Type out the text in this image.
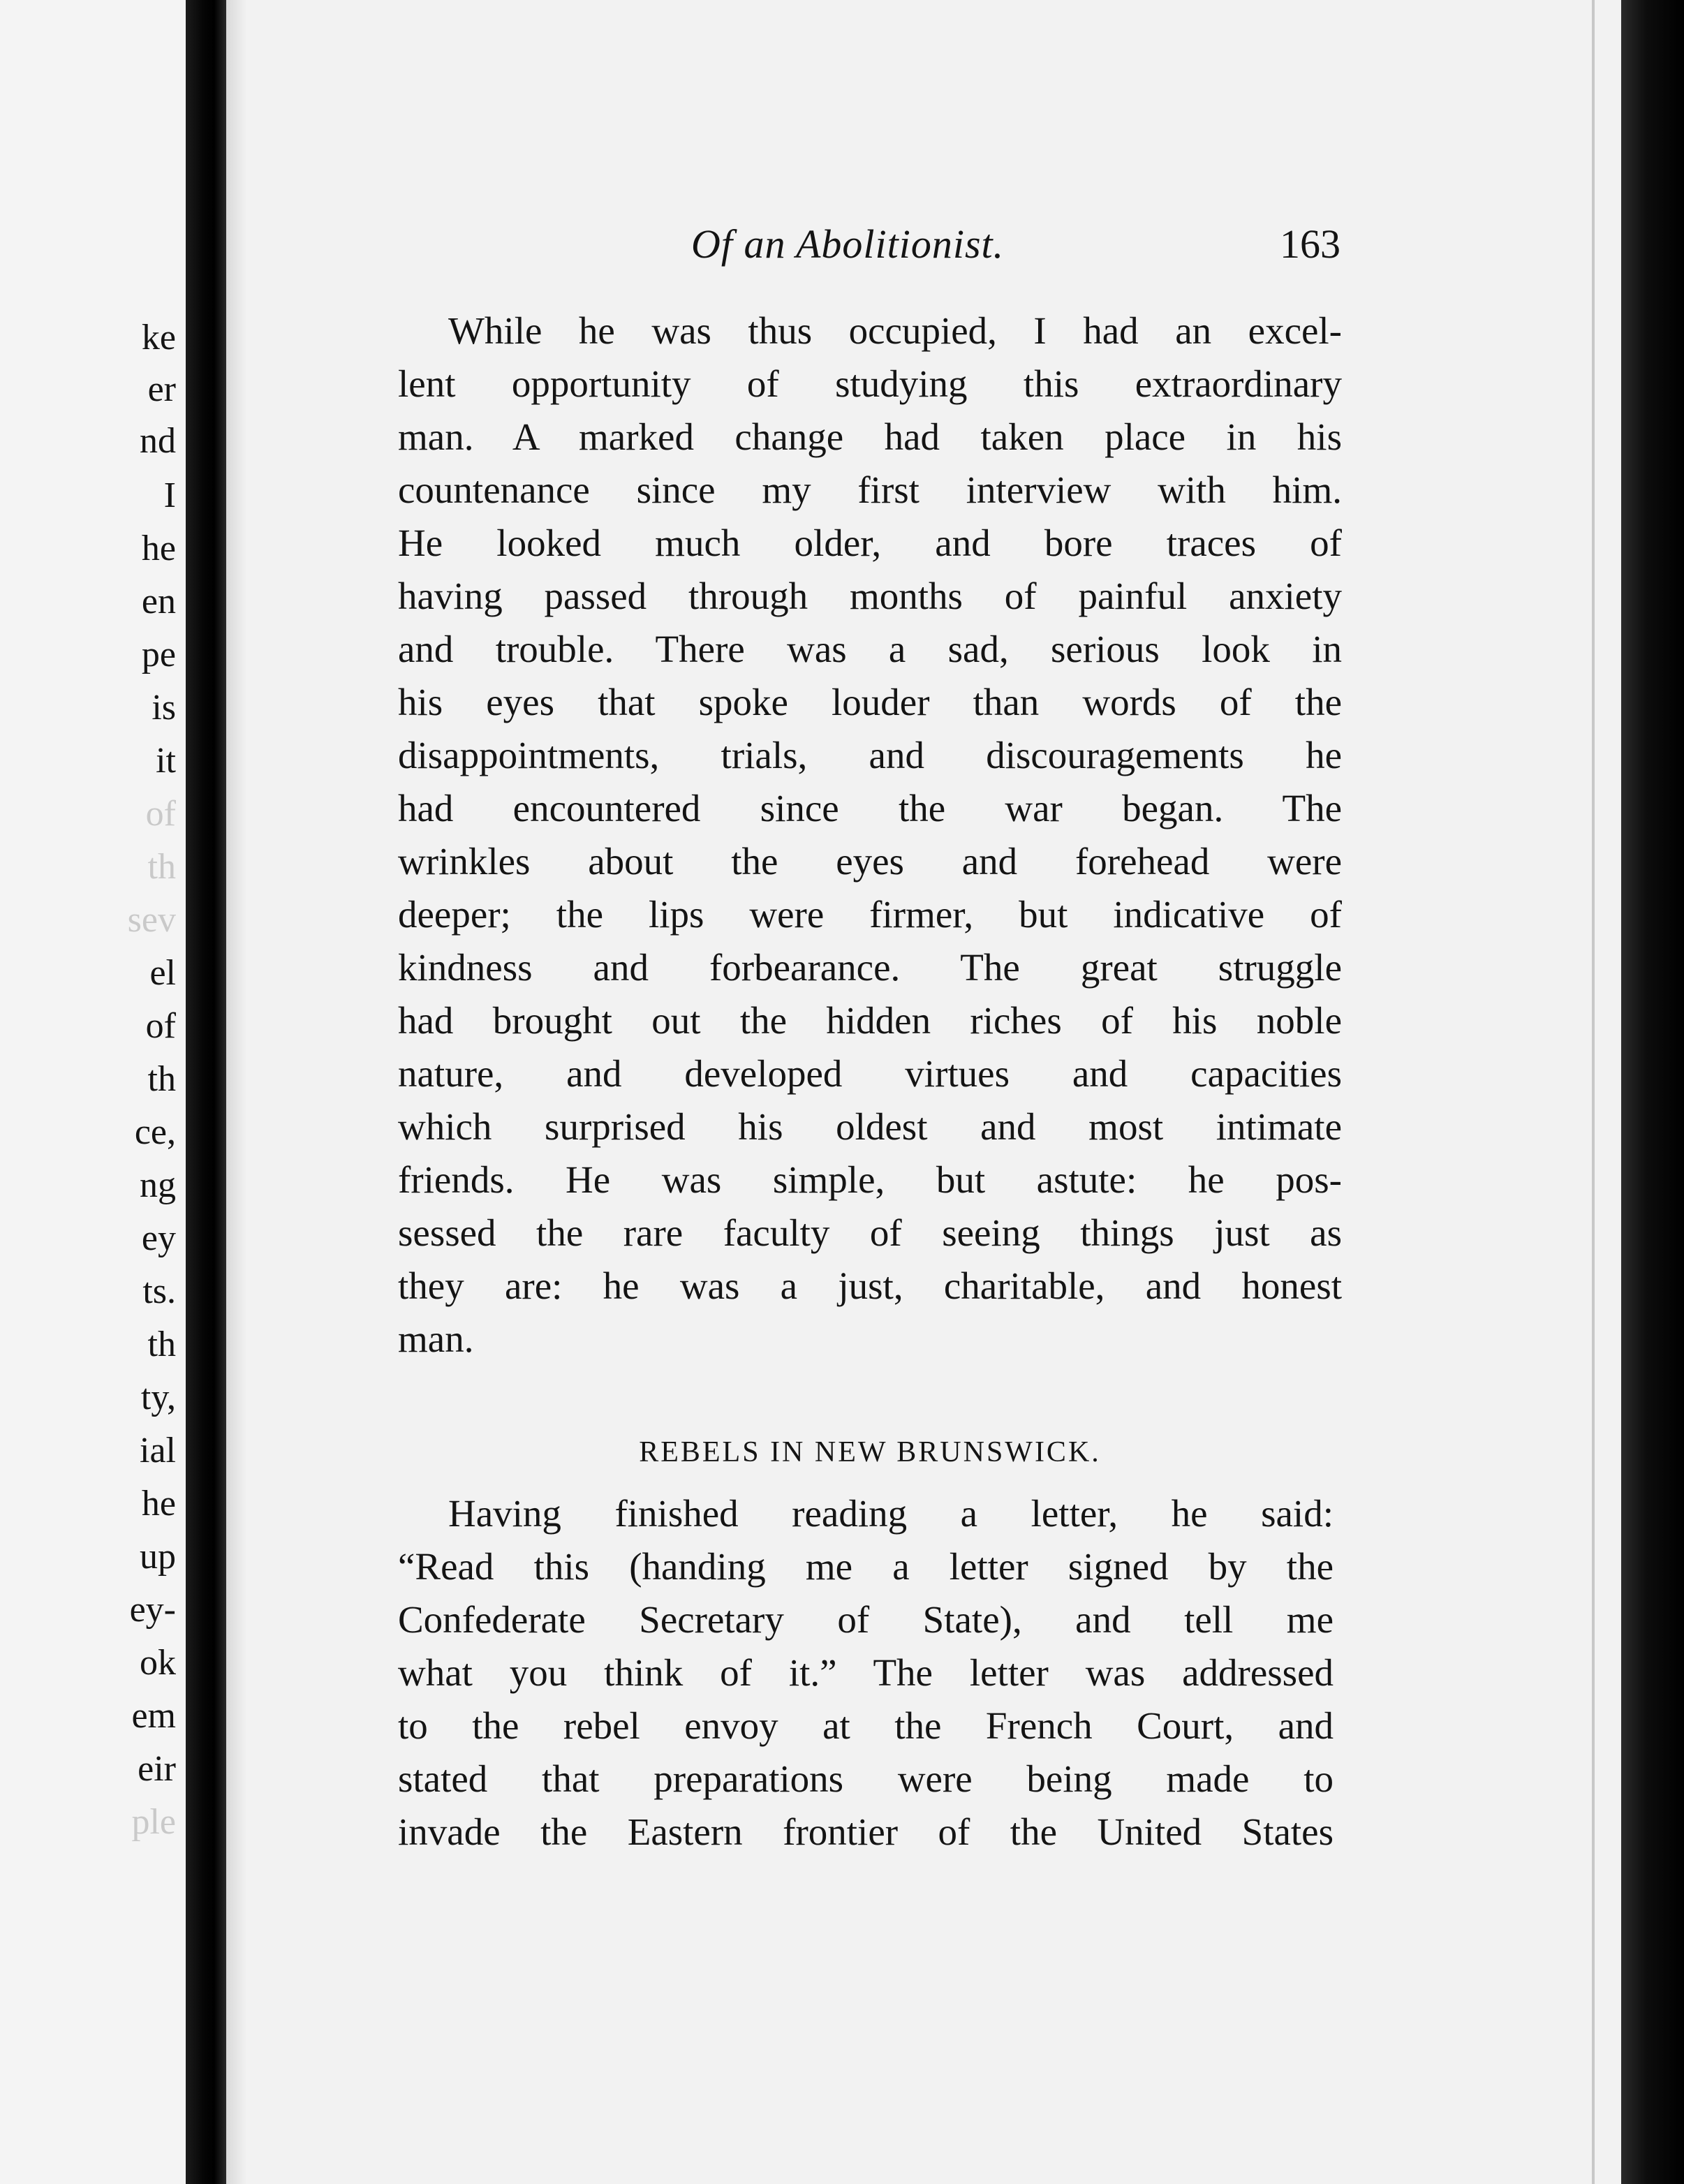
ke
er
nd
I
he
en
pe
is
it
of
th
sev
el
of
th
ce,
ng
ey
ts.
th
ty,
ial
he
up
ey-
ok
em
eir
ple
Of an Abolitionist.	163
While he was thus occupied, I had an excel-
lent opportunity of studying this extraordinary
man. A marked change had taken place in his
countenance since my first interview with him.
He looked much older, and bore traces of
having passed through months of painful anxiety
and trouble. There was a sad, serious look in
his eyes that spoke louder than words of the
disappointments, trials, and discouragements he
had encountered since the war began. The
wrinkles about the eyes and forehead were
deeper; the lips were firmer, but indicative of
kindness and forbearance. The great struggle
had brought out the hidden riches of his noble
nature, and developed virtues and capacities
which surprised his oldest and most intimate
friends. He was simple, but astute: he pos-
sessed the rare faculty of seeing things just as
they are: he was a just, charitable, and honest
man.
REBELS IN NEW BRUNSWICK.
Having finished reading a letter, he said:
“Read this (handing me a letter signed by the
Confederate Secretary of State), and tell me
what you think of it.” The letter was addressed
to the rebel envoy at the French Court, and
stated that preparations were being made to
invade the Eastern frontier of the United States
